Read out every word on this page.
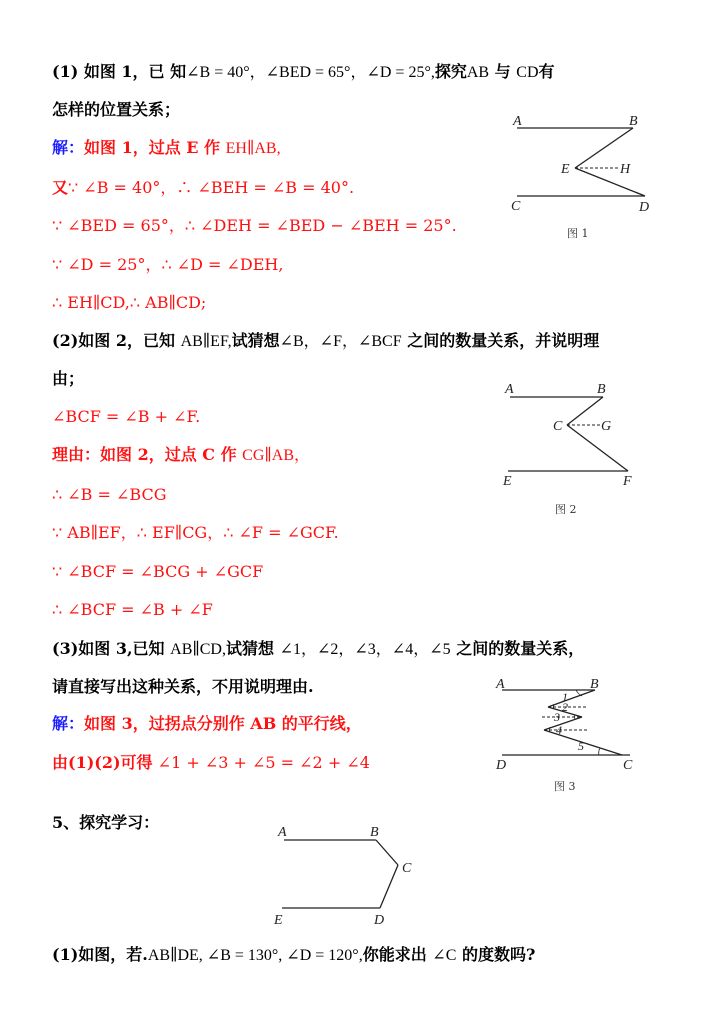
(1) 如图 1，已 知∠B = 40°，∠BED = 65°，∠D = 25°,探究AB 与 CD有
怎样的位置关系；
解：如图 1，过点 E 作 EH∥AB,
又∵ ∠B = 40°，∴ ∠BEH = ∠B = 40°.
∵ ∠BED = 65°，∴ ∠DEH = ∠BED − ∠BEH = 25°.
∵ ∠D = 25°，∴ ∠D = ∠DEH,
∴ EH∥CD,∴ AB∥CD;
A	B
E	H
C	D
图 1
(2)如图 2，已知 AB∥EF,试猜想∠B，∠F，∠BCF 之间的数量关系，并说明理
由；
∠BCF = ∠B + ∠F.
理由：如图 2，过点 C 作 CG∥AB，
∴ ∠B = ∠BCG
∵ AB∥EF，∴ EF∥CG，∴ ∠F = ∠GCF.
∵ ∠BCF = ∠BCG + ∠GCF
∴ ∠BCF = ∠B + ∠F
A	B
C	G
E	F
图 2
(3)如图 3,已知 AB∥CD,试猜想 ∠1，∠2，∠3，∠4，∠5 之间的数量关系，
请直接写出这种关系，不用说明理由.
解：如图 3，过拐点分别作 AB 的平行线，
由(1)(2)可得 ∠1 + ∠3 + ∠5 = ∠2 + ∠4
A	B
1
2
3
4
5
D	C
图 3
5、探究学习：
A	B
C
E	D
(1)如图，若.AB∥DE, ∠B = 130°, ∠D = 120°,你能求出 ∠C 的度数吗?
